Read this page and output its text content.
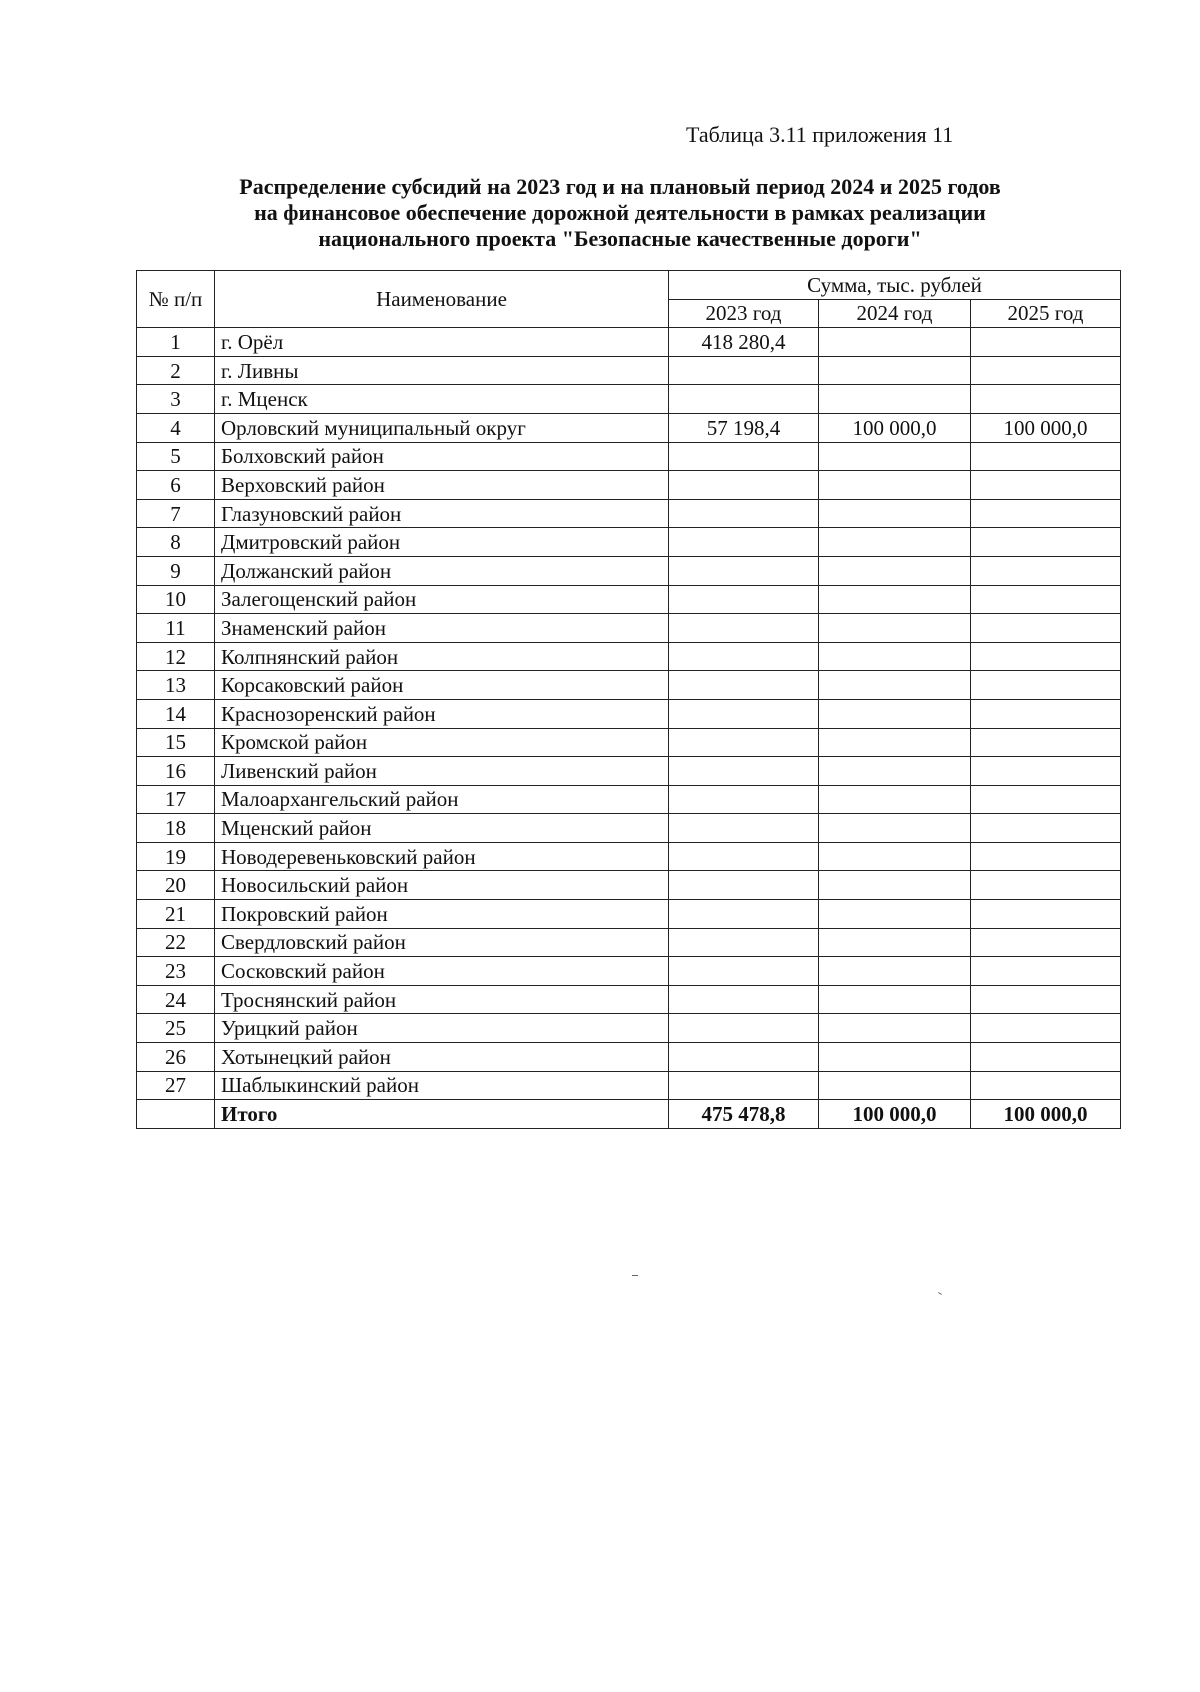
Таблица 3.11 приложения 11
Распределение субсидий на 2023 год и на плановый период 2024 и 2025 годов
на финансовое обеспечение дорожной деятельности в рамках реализации
национального проекта "Безопасные качественные дороги"
№ п/п	Наименование	Сумма, тыс. рублей		
		2023 год	2024 год	2025 год
1	г. Орёл	418 280,4		
2	г. Ливны			
3	г. Мценск			
4	Орловский муниципальный округ	57 198,4	100 000,0	100 000,0
5	Болховский район			
6	Верховский район			
7	Глазуновский район			
8	Дмитровский район			
9	Должанский район			
10	Залегощенский район			
11	Знаменский район			
12	Колпнянский район			
13	Корсаковский район			
14	Краснозоренский район			
15	Кромской район			
16	Ливенский район			
17	Малоархангельский район			
18	Мценский район			
19	Новодеревеньковский район			
20	Новосильский район			
21	Покровский район			
22	Свердловский район			
23	Сосковский район			
24	Троснянский район			
25	Урицкий район			
26	Хотынецкий район			
27	Шаблыкинский район			
	Итого	475 478,8	100 000,0	100 000,0
